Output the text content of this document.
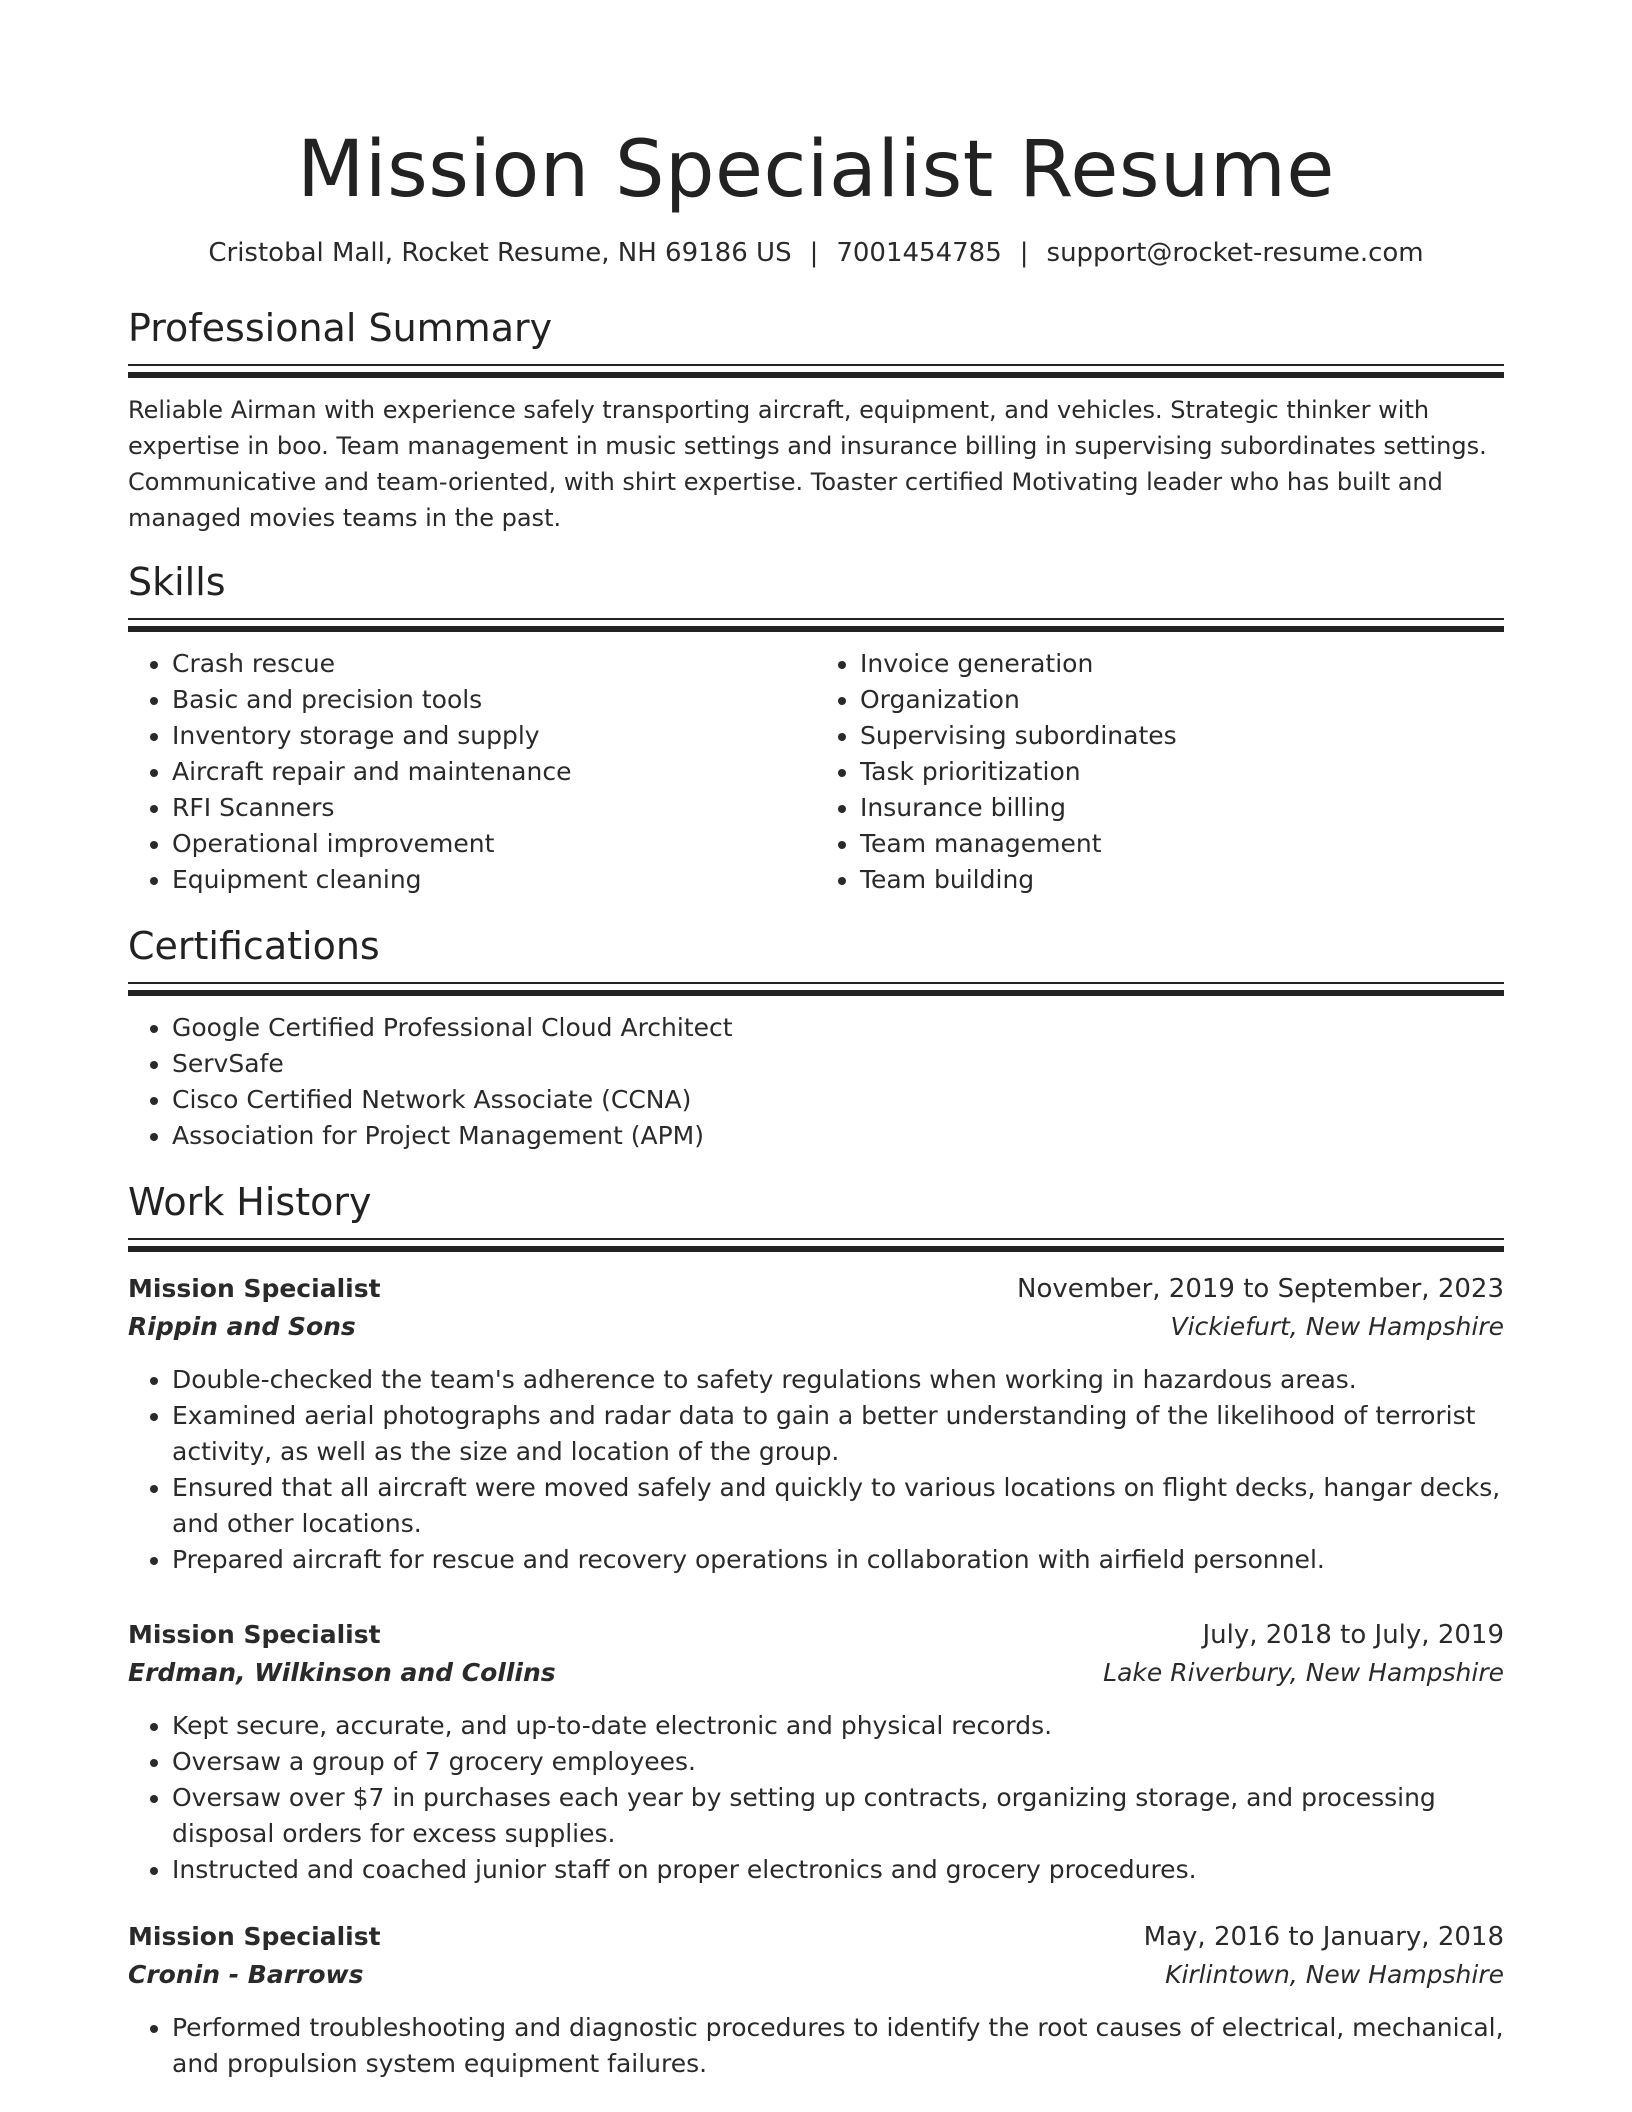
Mission Specialist Resume
Cristobal Mall, Rocket Resume, NH 69186 US | 7001454785 | support@rocket-resume.com
Professional Summary

Reliable Airman with experience safely transporting aircraft, equipment, and vehicles. Strategic thinker with expertise in boo. Team management in music settings and insurance billing in supervising subordinates settings. Communicative and team-oriented, with shirt expertise. Toaster certified Motivating leader who has built and managed movies teams in the past.

Skills
• Crash rescue
• Basic and precision tools
• Inventory storage and supply
• Aircraft repair and maintenance
• RFI Scanners
• Operational improvement
• Equipment cleaning
• Invoice generation
• Organization
• Supervising subordinates
• Task prioritization
• Insurance billing
• Team management
• Team building
Certifications
• Google Certified Professional Cloud Architect
• ServSafe
• Cisco Certified Network Associate (CCNA)
• Association for Project Management (APM)
Work History
Mission Specialist	November, 2019 to September, 2023
Rippin and Sons	Vickiefurt, New Hampshire
• Double-checked the team's adherence to safety regulations when working in hazardous areas.
• Examined aerial photographs and radar data to gain a better understanding of the likelihood of terrorist activity, as well as the size and location of the group.
• Ensured that all aircraft were moved safely and quickly to various locations on flight decks, hangar decks, and other locations.
• Prepared aircraft for rescue and recovery operations in collaboration with airfield personnel.
Mission Specialist	July, 2018 to July, 2019
Erdman, Wilkinson and Collins	Lake Riverbury, New Hampshire
• Kept secure, accurate, and up-to-date electronic and physical records.
• Oversaw a group of 7 grocery employees.
• Oversaw over $7 in purchases each year by setting up contracts, organizing storage, and processing disposal orders for excess supplies.
• Instructed and coached junior staff on proper electronics and grocery procedures.
Mission Specialist	May, 2016 to January, 2018
Cronin - Barrows	Kirlintown, New Hampshire
• Performed troubleshooting and diagnostic procedures to identify the root causes of electrical, mechanical, and propulsion system equipment failures.
